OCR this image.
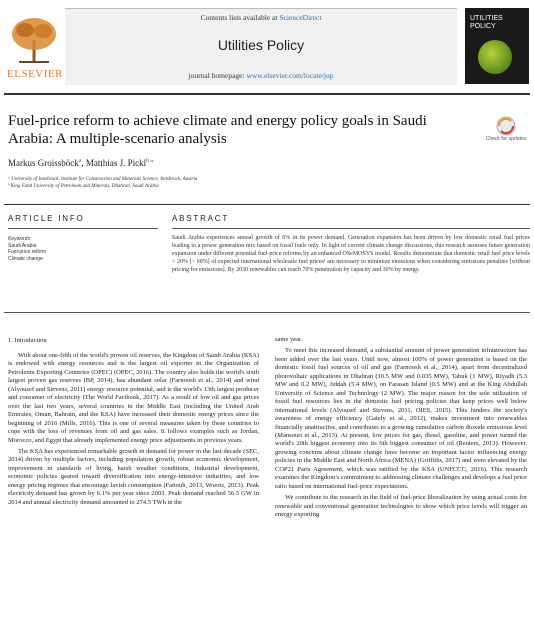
ELSEVIER
Contents lists available at ScienceDirect
Utilities Policy
journal homepage: www.elsevier.com/locate/jup
UTILITIES
POLICY
Fuel-price reform to achieve climate and energy policy goals in Saudi Arabia: A multiple-scenario analysis	Check for updates
Markus Groissböck$^a$, Matthias J. Pickl$^{b,⁎}$
ᵃ University of Innsbruck, Institute for Construction and Materials Science, Innsbruck, Austria
ᵇ King Fahd University of Petroleum and Minerals, Dhahran, Saudi Arabia
ARTICLE INFO	ABSTRACT
Keywords:
Saudi Arabia
Fuel-price reform
Climate change
Saudi Arabia experiences annual growth of 6% in its power demand. Generation expansion has been driven by low domestic retail fuel prices leading to a power generation mix based on fossil fuels only. In light of current climate change discussions, this research assesses future generation expansion under different potential fuel-price reforms by an enhanced OSeMOSYS model. Results demonstrate that domestic retail fuel price levels > 20% [> 60%] of expected international wholesale fuel prices¹ are necessary to minimize emissions when considering emissions penalties [without pricing for emissions]. By 2030 renewables can reach 70% penetration by capacity and 30% by energy.
1. Introduction

With about one-fifth of the world's proven oil reserves, the Kingdom of Saudi Arabia (KSA) is endowed with energy resources and is the largest oil exporter in the Organization of Petroleum Exporting Countries (OPEC) (OPEC, 2016). The country also holds the world's sixth largest proven gas reserves (BP, 2014), has abundant solar (Farnoosh et al., 2014) and wind (Alyousef and Stevens, 2011) energy resource potential, and is the world's 13th largest producer and consumer of electricity (The World Factbook, 2017). As a result of low oil and gas prices over the last two years, several countries in the Middle East (including the United Arab Emirates, Oman, Bahrain, and the KSA) have increased their domestic energy prices since the beginning of 2016 (Mills, 2016). This is one of several measures taken by these countries to cope with the loss of revenues from oil and gas sales. It follows examples such as Jordan, Morocco, and Egypt that already implemented energy price adjustments in previous years.

The KSA has experienced remarkable growth in demand for power in the last decade (SEC, 2014) driven by multiple factors, including population growth, robust economic development, improvement in standards of living, harsh weather conditions, industrial development, economic policies geared toward diversification into energy-intensive industries, and low energy pricing regimes that encourage lavish consumption (Fattouh, 2013, Woertz, 2013). Peak electricity demand has grown by 6.1% per year since 2003. Peak demand reached 56.5 GW in 2014 and annual electricity demand amounted to 274.5 TWh in the

same year.

To meet this increased demand, a substantial amount of power generation infrastructure has been added over the last years. Until now, almost 100% of power generation is based on the domestic fossil fuel sources of oil and gas (Farnoosh et al., 2014), apart from decentralized photovoltaic applications in Dhahran (10.5 MW and 0.035 MW), Tabuk (1 MW), Riyadh (5.3 MW and 0.2 MW), Jiddah (5.4 MW), on Farasan Island (0.5 MW) and at the King Abdullah University of Science and Technology (2 MW). The major reason for the sole utilization of fossil fuel resources lies in the domestic fuel pricing policies that keep prices well below international levels (Alyousef and Stevens, 2011, OIES, 2015). This hinders the society's awareness of energy efficiency (Gately et al., 2012), makes investment into renewables financially unattractive, and contributes to a growing cumulative carbon dioxide emissions level (Mansouri et al., 2013). At present, low prices for gas, diesel, gasoline, and power turned the world's 20th biggest economy into its 6th biggest consumer of oil (Reuters, 2013). However, growing concerns about climate change have become an important factor influencing energy policies in the Middle East and North Africa (MENA) (Griffiths, 2017) and were elevated by the COP21 Paris Agreement, which was ratified by the KSA (UNFCCC, 2016). This research examines the Kingdom's commitment to addressing climate challenges and develops a fuel price ratio based on international fuel-price expectations.

We contribute to the research in the field of fuel-price liberalization by using actual costs for renewable and conventional generation technologies to show which price levels will trigger an energy exporting
